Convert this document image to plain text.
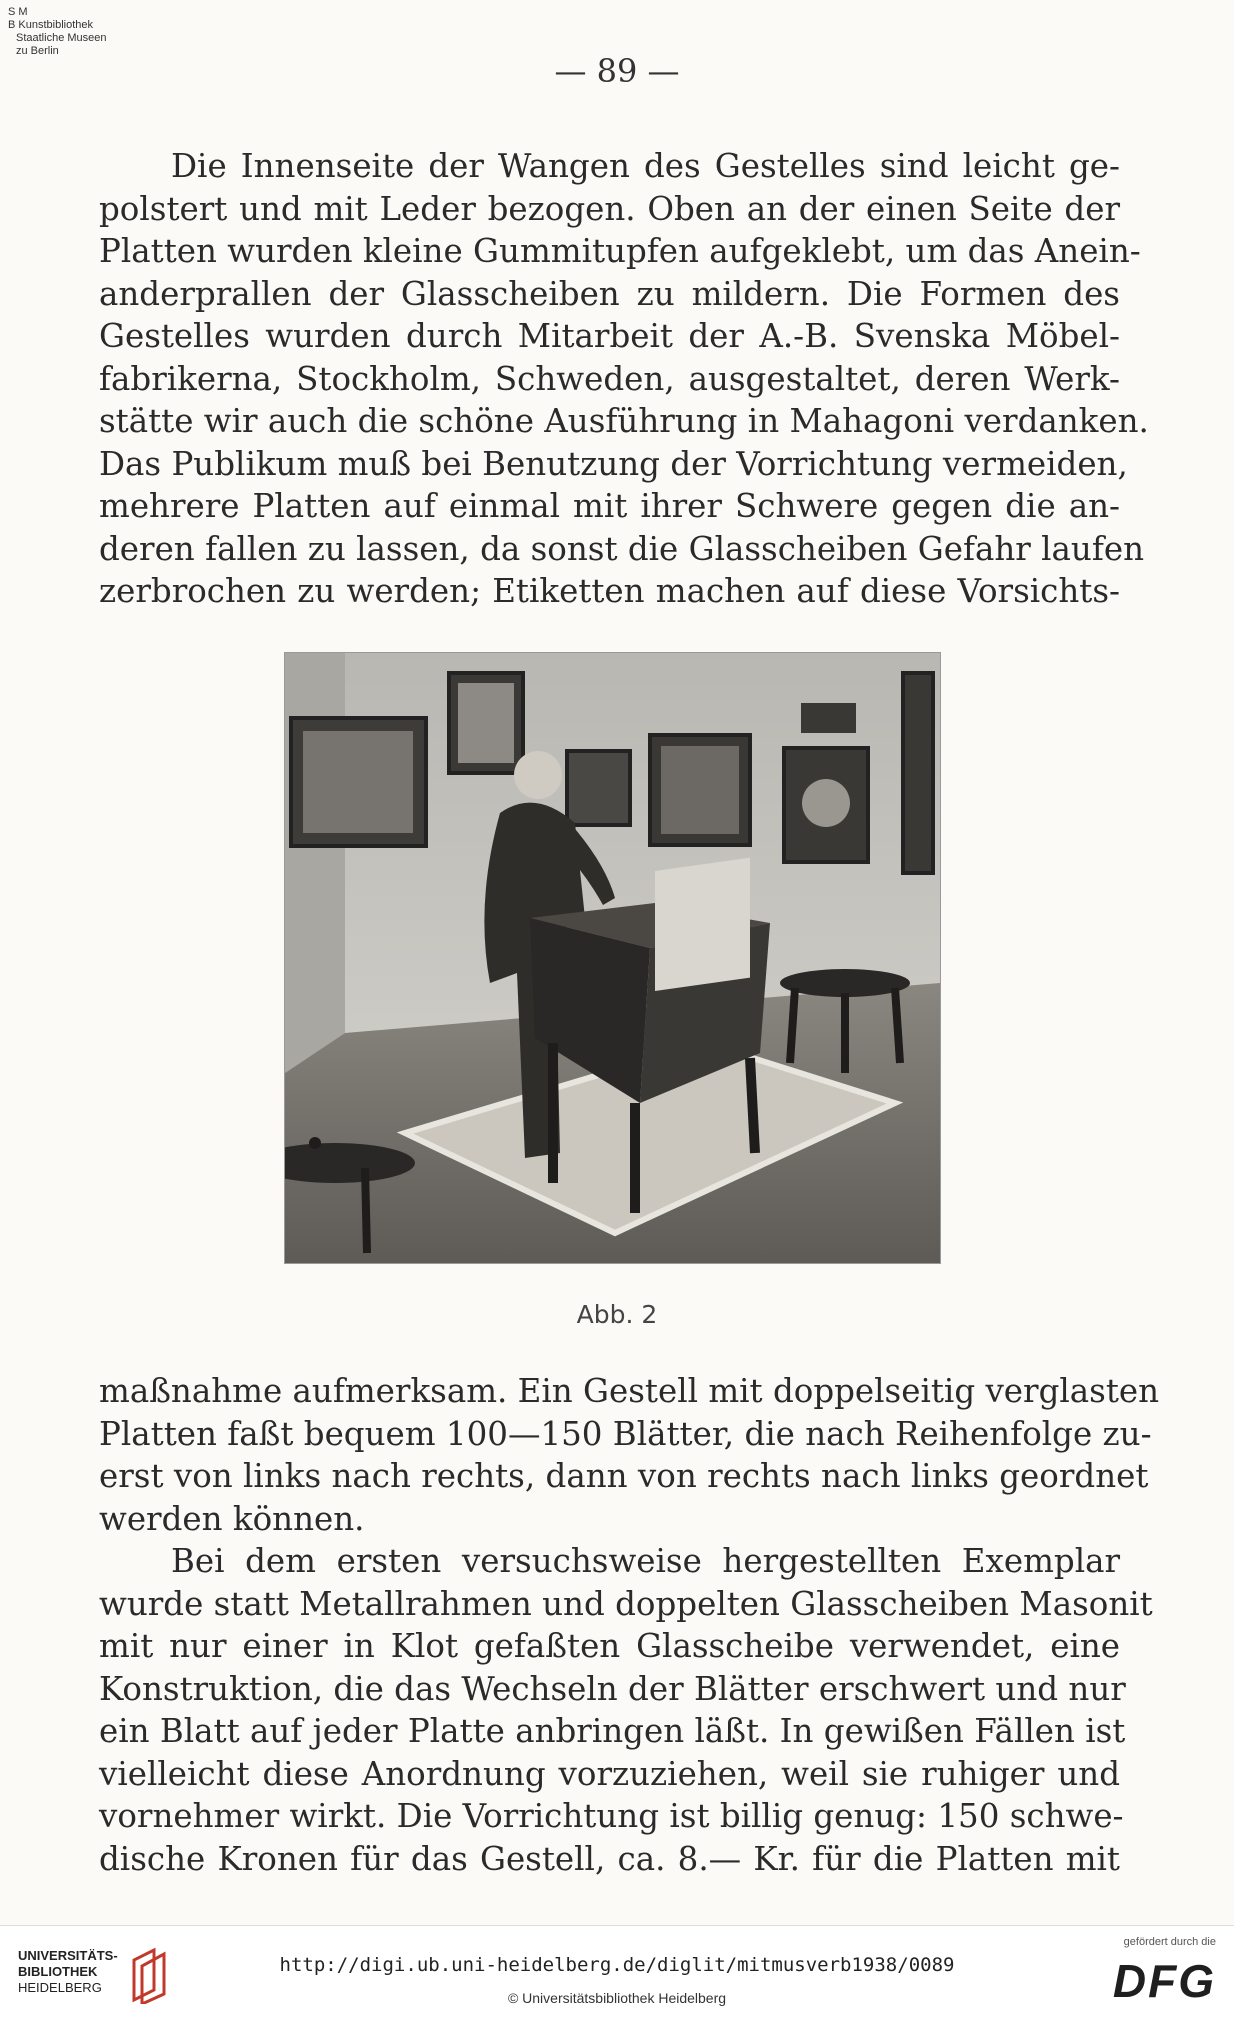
S M
B Kunstbibliothek
Staatliche Museen
zu Berlin
— 89 —
Die Innenseite der Wangen des Gestelles sind leicht ge-
polstert und mit Leder bezogen. Oben an der einen Seite der
Platten wurden kleine Gummitupfen aufgeklebt, um das Anein-
anderprallen der Glasscheiben zu mildern. Die Formen des
Gestelles wurden durch Mitarbeit der A.-B. Svenska Möbel-
fabrikerna, Stockholm, Schweden, ausgestaltet, deren Werk-
stätte wir auch die schöne Ausführung in Mahagoni verdanken.
Das Publikum muß bei Benutzung der Vorrichtung vermeiden,
mehrere Platten auf einmal mit ihrer Schwere gegen die an-
deren fallen zu lassen, da sonst die Glasscheiben Gefahr laufen
zerbrochen zu werden; Etiketten machen auf diese Vorsichts-
Abb. 2
maßnahme aufmerksam. Ein Gestell mit doppelseitig verglasten
Platten faßt bequem 100—150 Blätter, die nach Reihenfolge zu-
erst von links nach rechts, dann von rechts nach links geordnet
werden können.
Bei dem ersten versuchsweise hergestellten Exemplar
wurde statt Metallrahmen und doppelten Glasscheiben Masonit
mit nur einer in Klot gefaßten Glasscheibe verwendet, eine
Konstruktion, die das Wechseln der Blätter erschwert und nur
ein Blatt auf jeder Platte anbringen läßt. In gewißen Fällen ist
vielleicht diese Anordnung vorzuziehen, weil sie ruhiger und
vornehmer wirkt. Die Vorrichtung ist billig genug: 150 schwe-
dische Kronen für das Gestell, ca. 8.— Kr. für die Platten mit
UNIVERSITÄTS-
BIBLIOTHEK
HEIDELBERG
http://digi.ub.uni-heidelberg.de/diglit/mitmusverb1938/0089
© Universitätsbibliothek Heidelberg
gefördert durch die
DFG
